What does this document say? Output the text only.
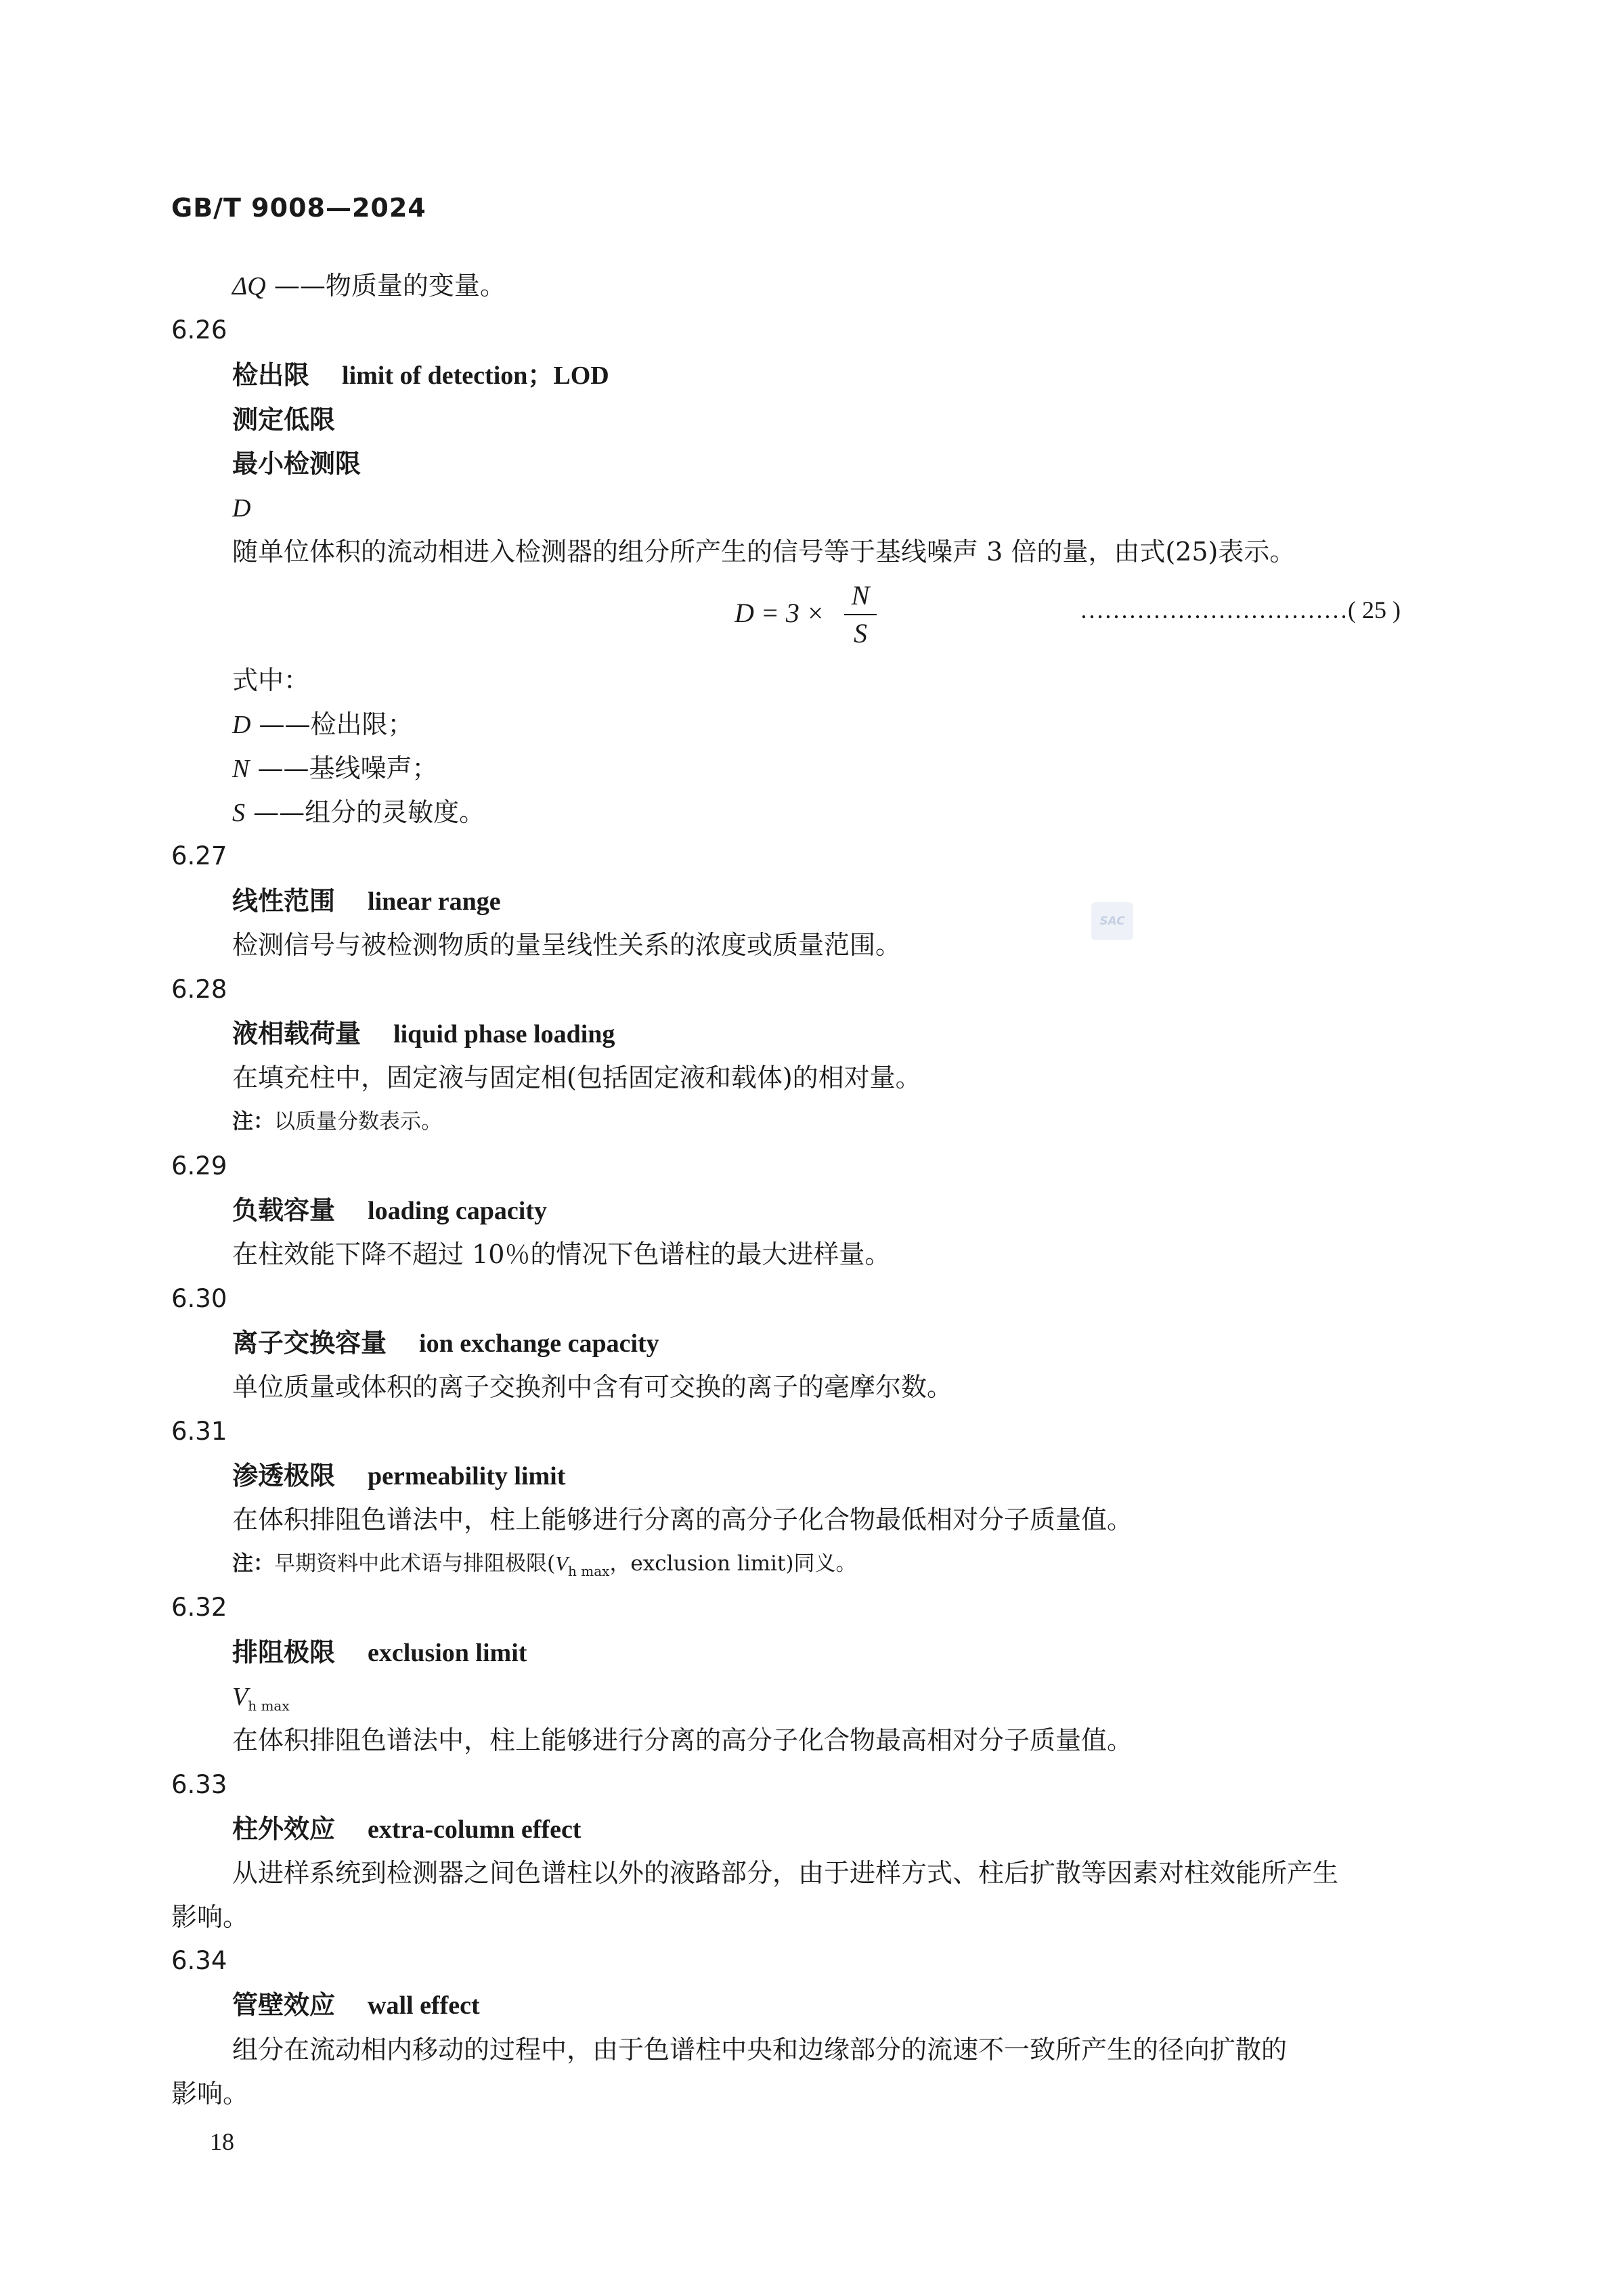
GB/T 9008—2024
ΔQ ——物质量的变量。
6.26
检出限 limit of detection；LOD
测定低限
最小检测限
D
随单位体积的流动相进入检测器的组分所产生的信号等于基线噪声 3 倍的量，由式(25)表示。
D = 3 ×
N
S
……………………………( 25 )
式中：
D ——检出限；
N ——基线噪声；
S ——组分的灵敏度。
6.27
线性范围 linear range
检测信号与被检测物质的量呈线性关系的浓度或质量范围。
SAC
6.28
液相载荷量 liquid phase loading
在填充柱中，固定液与固定相(包括固定液和载体)的相对量。
注：以质量分数表示。
6.29
负载容量 loading capacity
在柱效能下降不超过 10％的情况下色谱柱的最大进样量。
6.30
离子交换容量 ion exchange capacity
单位质量或体积的离子交换剂中含有可交换的离子的毫摩尔数。
6.31
渗透极限 permeability limit
在体积排阻色谱法中，柱上能够进行分离的高分子化合物最低相对分子质量值。
注：早期资料中此术语与排阻极限($V_{h max}$，exclusion limit)同义。
6.32
排阻极限 exclusion limit
$V_{h max}$
在体积排阻色谱法中，柱上能够进行分离的高分子化合物最高相对分子质量值。
6.33
柱外效应 extra-column effect
从进样系统到检测器之间色谱柱以外的液路部分，由于进样方式、柱后扩散等因素对柱效能所产生
影响。
6.34
管壁效应 wall effect
组分在流动相内移动的过程中，由于色谱柱中央和边缘部分的流速不一致所产生的径向扩散的
影响。
18
